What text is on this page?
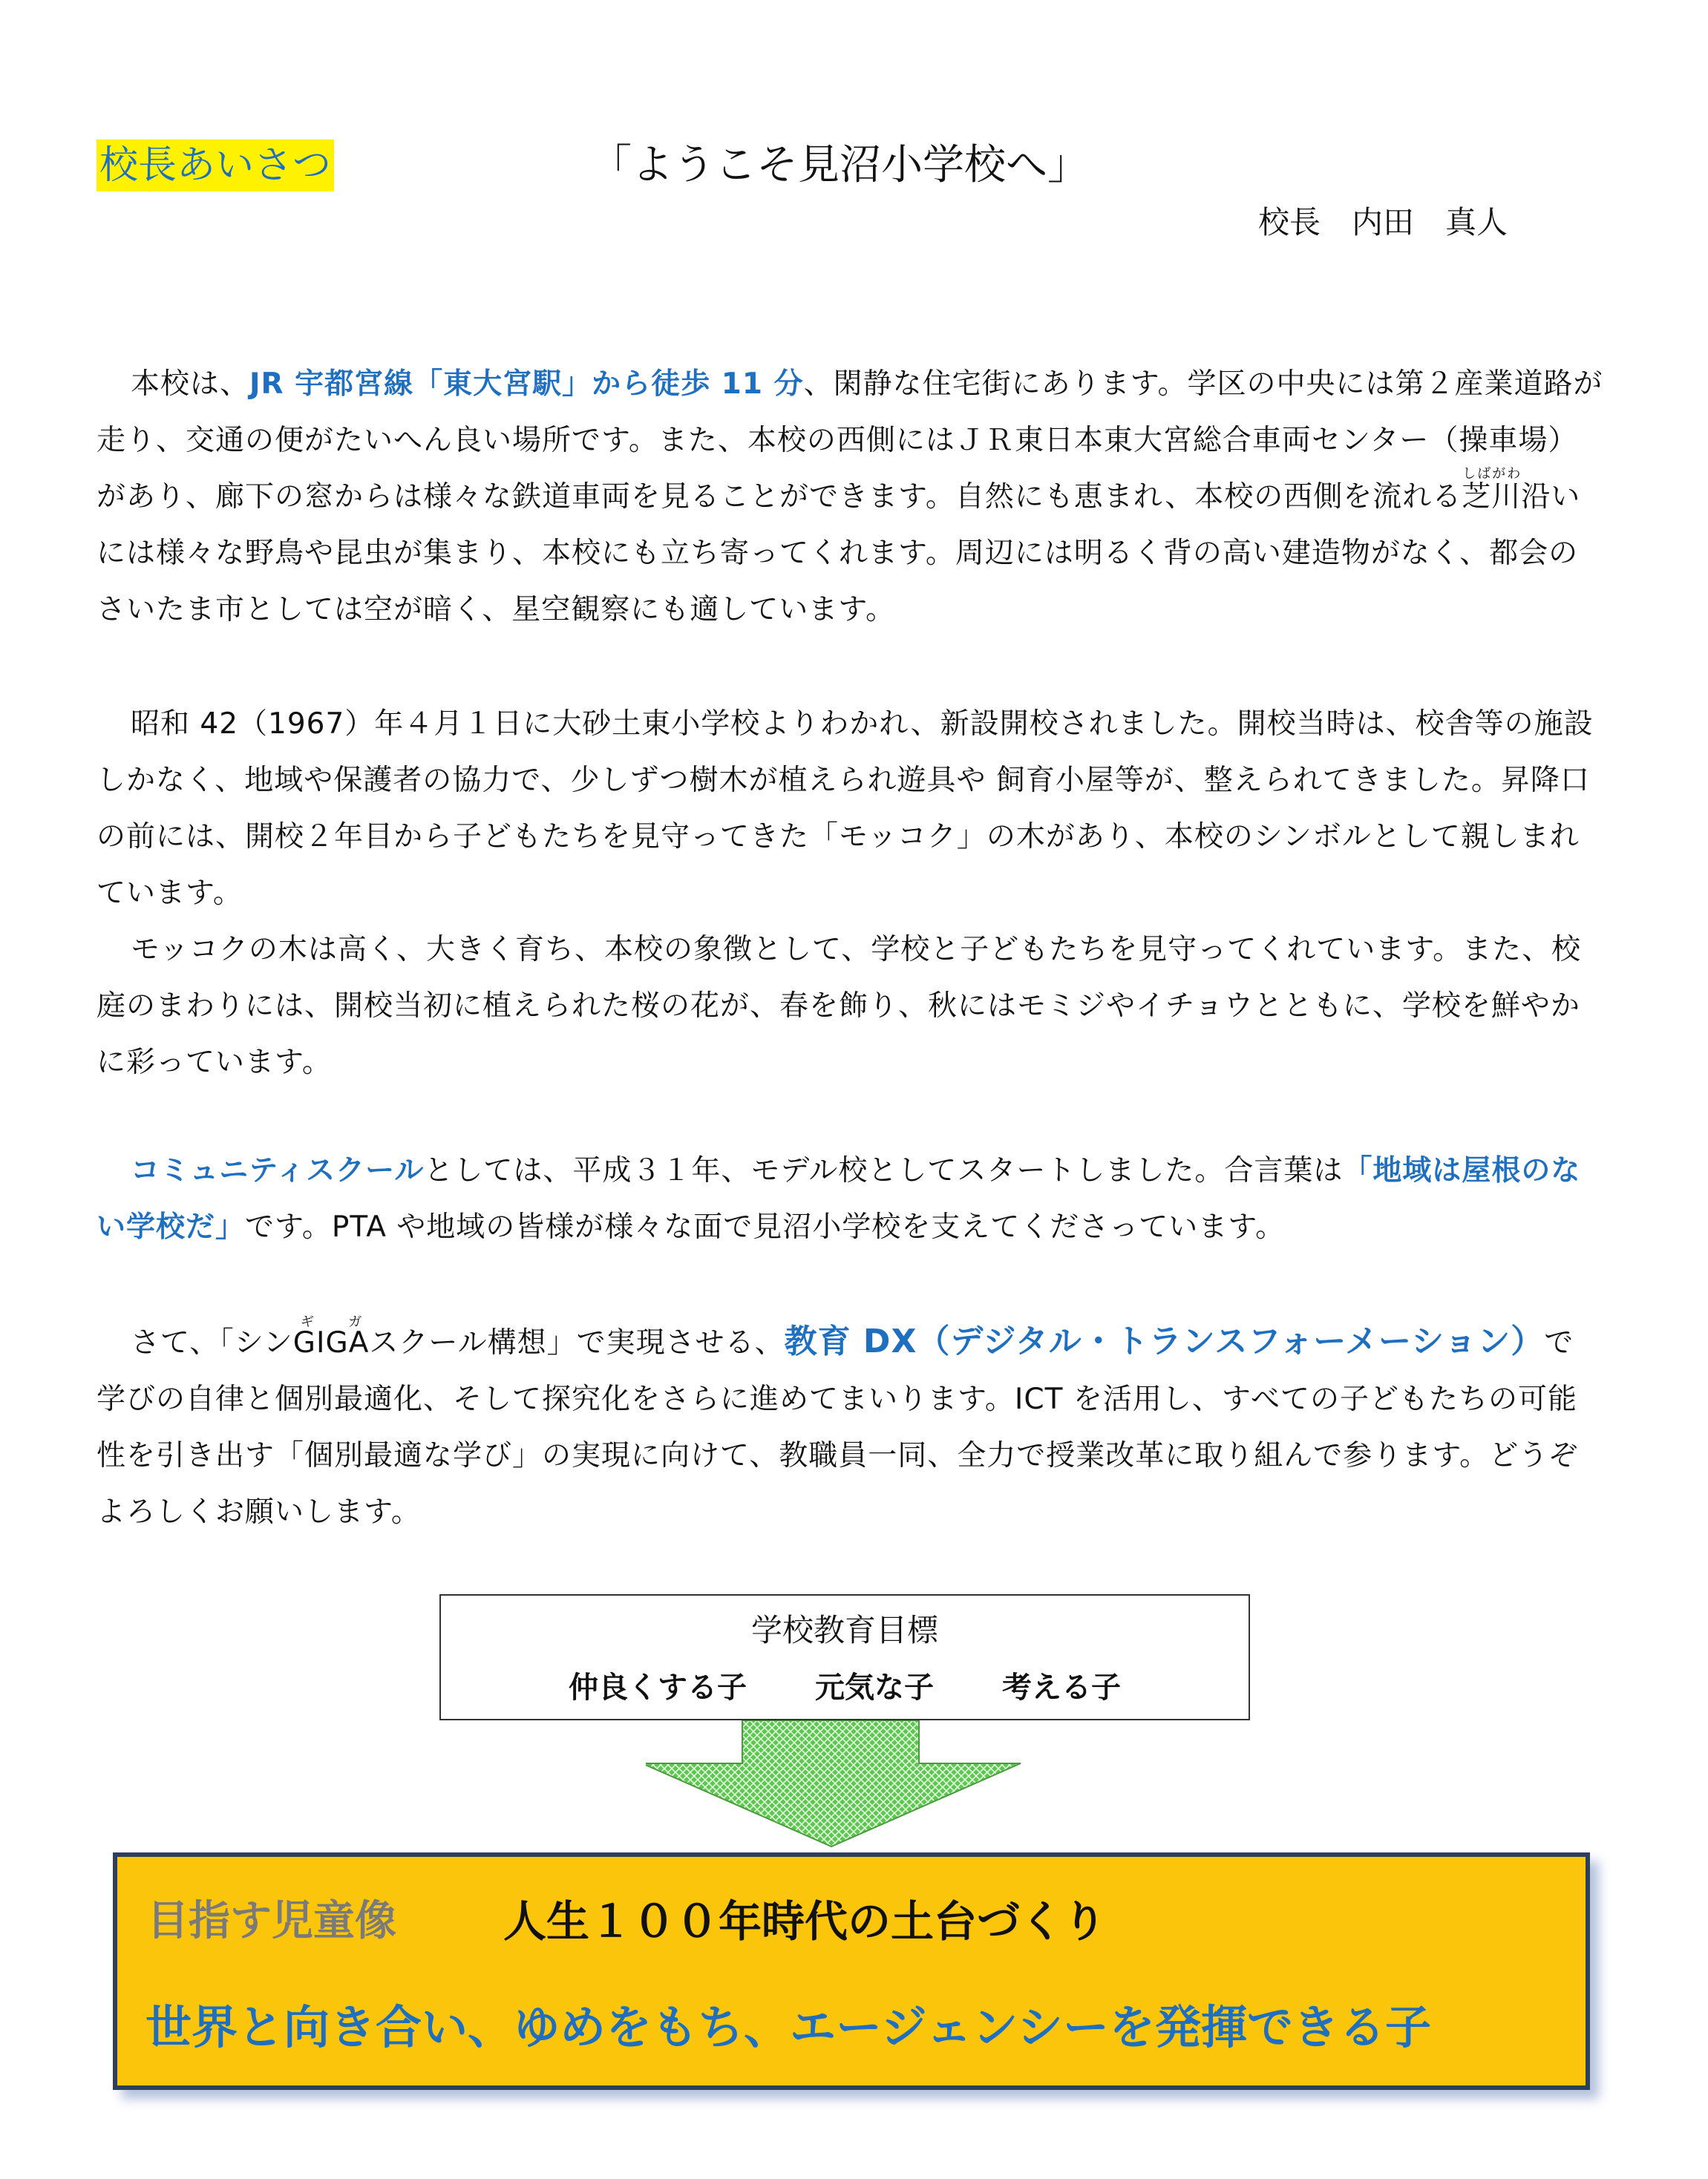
校長あいさつ	「ようこそ見沼小学校へ」
校長　内田　真人
本校は、JR 宇都宮線「東大宮駅」から徒歩 11 分、閑静な住宅街にあります。学区の中央には第２産業道路が走り、交通の便がたいへん良い場所です。また、本校の西側にはＪＲ東日本東大宮総合車両センター（操車場）があり、廊下の窓からは様々な鉄道車両を見ることができます。自然にも恵まれ、本校の西側を流れる芝川しばがわ沿いには様々な野鳥や昆虫が集まり、本校にも立ち寄ってくれます。周辺には明るく背の高い建造物がなく、都会のさいたま市としては空が暗く、星空観察にも適しています。
昭和 42（1967）年４月１日に大砂土東小学校よりわかれ、新設開校されました。開校当時は、校舎等の施設しかなく、地域や保護者の協力で、少しずつ樹木が植えられ遊具や 飼育小屋等が、整えられてきました。昇降口の前には、開校２年目から子どもたちを見守ってきた「モッコク」の木があり、本校のシンボルとして親しまれています。
モッコクの木は高く、大きく育ち、本校の象徴として、学校と子どもたちを見守ってくれています。また、校庭のまわりには、開校当初に植えられた桜の花が、春を飾り、秋にはモミジやイチョウとともに、学校を鮮やかに彩っています。
コミュニティスクールとしては、平成３１年、モデル校としてスタートしました。合言葉は「地域は屋根のない学校だ」です。PTA や地域の皆様が様々な面で見沼小学校を支えてくださっています。
さて、「シンGIGAギ ガスクール構想」で実現させる、教育 DX（デジタル・トランスフォーメーション）で学びの自律と個別最適化、そして探究化をさらに進めてまいります。ICT を活用し、すべての子どもたちの可能性を引き出す「個別最適な学び」の実現に向けて、教職員一同、全力で授業改革に取り組んで参ります。どうぞよろしくお願いします。
学校教育目標
仲良くする子 元気な子 考える子
目指す児童像 人生１００年時代の土台づくり
世界と向き合い、ゆめをもち、エージェンシーを発揮できる子
